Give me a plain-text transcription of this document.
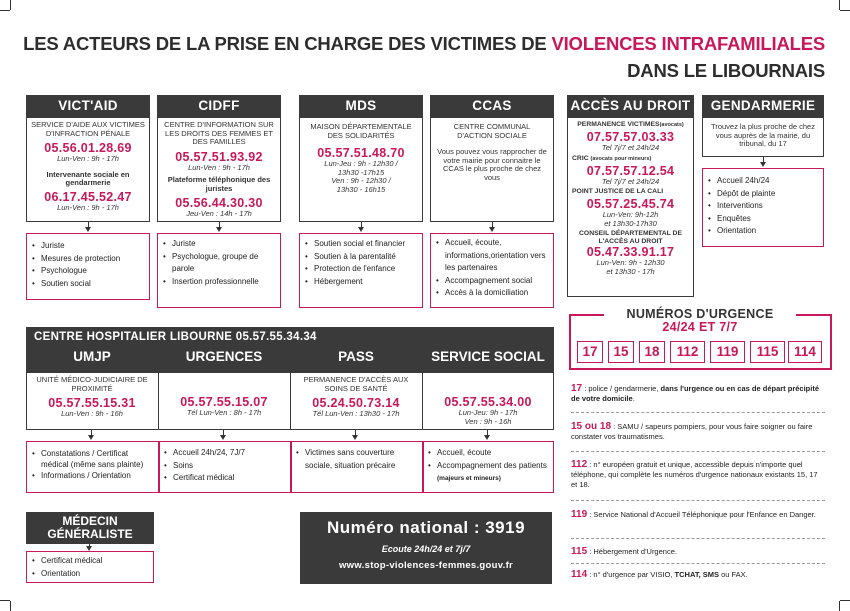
LES ACTEURS DE LA PRISE EN CHARGE DES VICTIMES DE VIOLENCES INTRAFAMILIALES
DANS LE LIBOURNAIS
VICT'AID
SERVICE D'AIDE AUX VICTIMES D'INFRACTION PÉNALE
05.56.01.28.69
Lun-Ven : 9h - 17h
Intervenante sociale en gendarmerie
06.17.45.52.47
Lun-Ven : 9h - 17h
• Juriste
• Mesures de protection
• Psychologue
• Soutien social
CIDFF
CENTRE D'INFORMATION SUR LES DROITS DES FEMMES ET DES FAMILLES
05.57.51.93.92
Lun-Ven : 9h - 17h
Plateforme téléphonique des juristes
05.56.44.30.30
Jeu-Ven : 14h - 17h
• Juriste
• Psychologue, groupe de parole
• Insertion professionnelle
MDS
MAISON DÉPARTEMENTALE DES SOLIDARITÉS
05.57.51.48.70
Lun-Jeu : 9h - 12h30 /
13h30 -17h15
Ven : 9h - 12h30 /
13h30 - 16h15
• Soutien social et financier
• Soutien à la parentalité
• Protection de l'enfance
• Hébergement
CCAS
CENTRE COMMUNAL D'ACTION SOCIALE
Vous pouvez vous rapprocher de votre mairie pour connaitre le CCAS le plus proche de chez vous
• Accueil, écoute, informations,orientation vers les partenaires
• Accompagnement social
• Accès à la domiciliation
ACCÈS AU DROIT
PERMANENCE VICTIMES(avocats)
07.57.57.03.33
Tel 7j/7 et 24h/24
CRIC (avocats pour mineurs)
07.57.57.12.54
Tel 7j/7 et 24h/24
POINT JUSTICE DE LA CALI
05.57.25.45.74
Lun-Ven: 9h-12h
et 13h30-17h30
CONSEIL DÉPARTEMENTAL DE L'ACCÈS AU DROIT
05.47.33.91.17
Lun-Ven: 9h - 12h30
et 13h30 - 17h
GENDARMERIE
Trouvez la plus proche de chez vous auprès de la mairie, du tribunal, du 17
• Accueil 24h/24
• Dépôt de plainte
• Interventions
• Enquêtes
• Orientation
NUMÉROS D'URGENCE
24/24 ET 7/7
17	15	18	112	119	115	114
17 : police / gendarmerie, dans l'urgence ou en cas de départ précipité de votre domicile.
15 ou 18 : SAMU / sapeurs pompiers, pour vous faire soigner ou faire constater vos traumatismes.
112 : n° européen gratuit et unique, accessible depuis n'importe quel téléphone, qui complète les numéros d'urgence nationaux existants 15, 17 et 18.
119 : Service National d'Accueil Téléphonique pour l'Enfance en Danger.
115 : Hébergement d'Urgence.
114 : n° d'urgence par VISIO, TCHAT, SMS ou FAX.
CENTRE HOSPITALIER LIBOURNE 05.57.55.34.34
UMJP	URGENCES	PASS	SERVICE SOCIAL
UNITÉ MÉDICO-JUDICIAIRE DE PROXIMITÉ
05.57.55.15.31
Lun-Ven : 9h - 16h
05.57.55.15.07
Tél Lun-Ven : 8h - 17h
PERMANENCE D'ACCÈS AUX SOINS DE SANTÉ
05.24.50.73.14
Tél Lun-Ven : 13h30 - 17h
05.57.55.34.00
Lun-Jeu: 9h - 17h
Ven : 9h - 16h
• Constatations / Certificat médical (même sans plainte)
• Informations / Orientation
• Accueil 24h/24, 7J/7
• Soins
• Certificat médical
• Victimes sans couverture sociale, situation précaire
• Accueil, écoute
• Accompagnement des patients (majeurs et mineurs)
MÉDECIN GÉNÉRALISTE
• Certificat médical
• Orientation
Numéro national : 3919
Ecoute 24h/24 et 7j/7
www.stop-violences-femmes.gouv.fr
